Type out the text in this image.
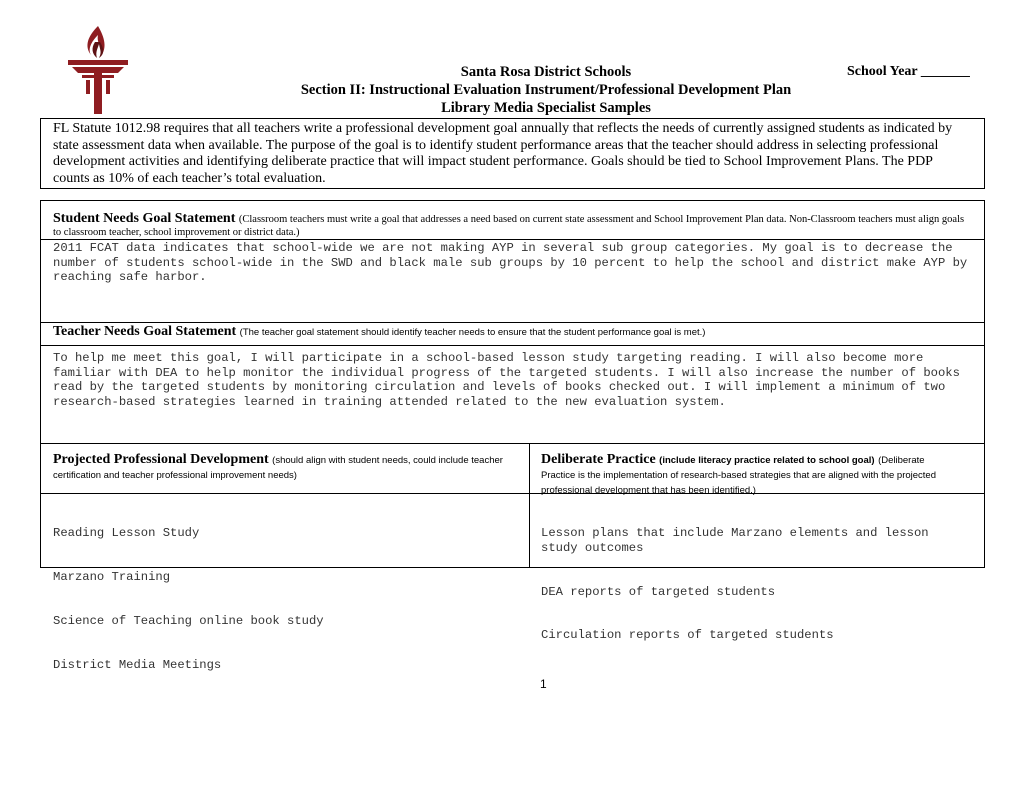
Santa Rosa District Schools
Section II: Instructional Evaluation Instrument/Professional Development Plan
Library Media Specialist Samples
School Year _______
FL Statute 1012.98 requires that all teachers write a professional development goal annually that reflects the needs of currently assigned students as indicated by state assessment data when available. The purpose of the goal is to identify student performance areas that the teacher should address in selecting professional development activities and identifying deliberate practice that will impact student performance. Goals should be tied to School Improvement Plans. The PDP counts as 10% of each teacher’s total evaluation.
Student Needs Goal Statement (Classroom teachers must write a goal that addresses a need based on current state assessment and School Improvement Plan data. Non-Classroom teachers must align goals to classroom teacher, school improvement or district data.)
2011 FCAT data indicates that school-wide we are not making AYP in several sub group categories. My goal is to decrease the number of students school-wide in the SWD and black male sub groups by 10 percent to help the school and district make AYP by reaching safe harbor.
Teacher Needs Goal Statement (The teacher goal statement should identify teacher needs to ensure that the student performance goal is met.)
To help me meet this goal, I will participate in a school-based lesson study targeting reading. I will also become more familiar with DEA to help monitor the individual progress of the targeted students. I will also increase the number of books read by the targeted students by monitoring circulation and levels of books checked out. I will implement a minimum of two research-based strategies learned in training attended related to the new evaluation system.
Projected Professional Development (should align with student needs, could include teacher certification and teacher professional improvement needs)
Deliberate Practice (include literacy practice related to school goal) (Deliberate Practice is the implementation of research-based strategies that are aligned with the projected professional development that has been identified.)

Reading Lesson Study

Marzano Training

Science of Teaching online book study

District Media Meetings

Lesson plans that include Marzano elements and lesson study outcomes

DEA reports of targeted students

Circulation reports of targeted students

1
